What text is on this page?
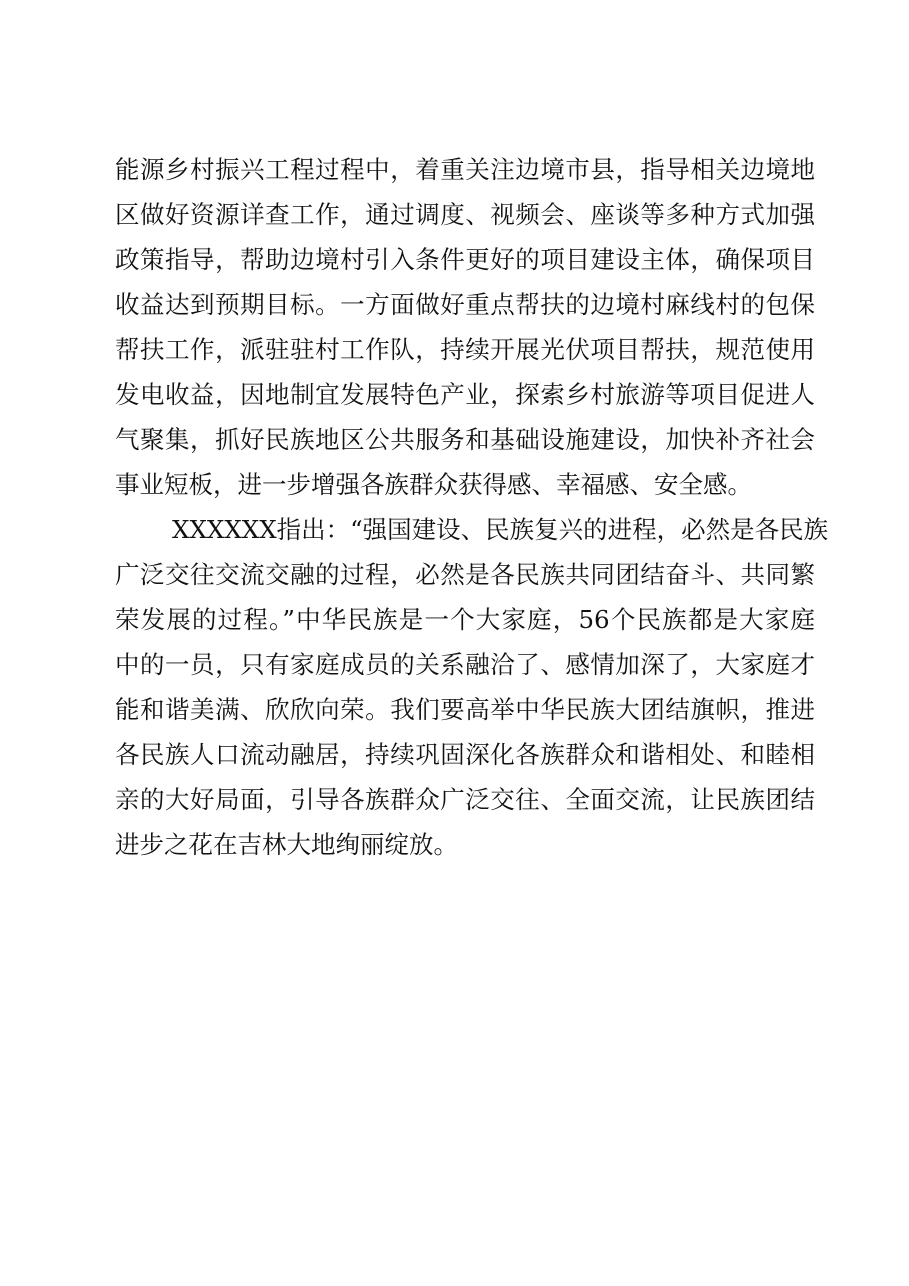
能源乡村振兴工程过程中，着重关注边境市县，指导相关边境地
区做好资源详查工作，通过调度、视频会、座谈等多种方式加强
政策指导，帮助边境村引入条件更好的项目建设主体，确保项目
收益达到预期目标。一方面做好重点帮扶的边境村麻线村的包保
帮扶工作，派驻驻村工作队，持续开展光伏项目帮扶，规范使用
发电收益，因地制宜发展特色产业，探索乡村旅游等项目促进人
气聚集，抓好民族地区公共服务和基础设施建设，加快补齐社会
事业短板，进一步增强各族群众获得感、幸福感、安全感。
XXXXXX指出：“强国建设、民族复兴的进程，必然是各民族
广泛交往交流交融的过程，必然是各民族共同团结奋斗、共同繁
荣发展的过程。”中华民族是一个大家庭，56个民族都是大家庭
中的一员，只有家庭成员的关系融洽了、感情加深了，大家庭才
能和谐美满、欣欣向荣。我们要高举中华民族大团结旗帜，推进
各民族人口流动融居，持续巩固深化各族群众和谐相处、和睦相
亲的大好局面，引导各族群众广泛交往、全面交流，让民族团结
进步之花在吉林大地绚丽绽放。
